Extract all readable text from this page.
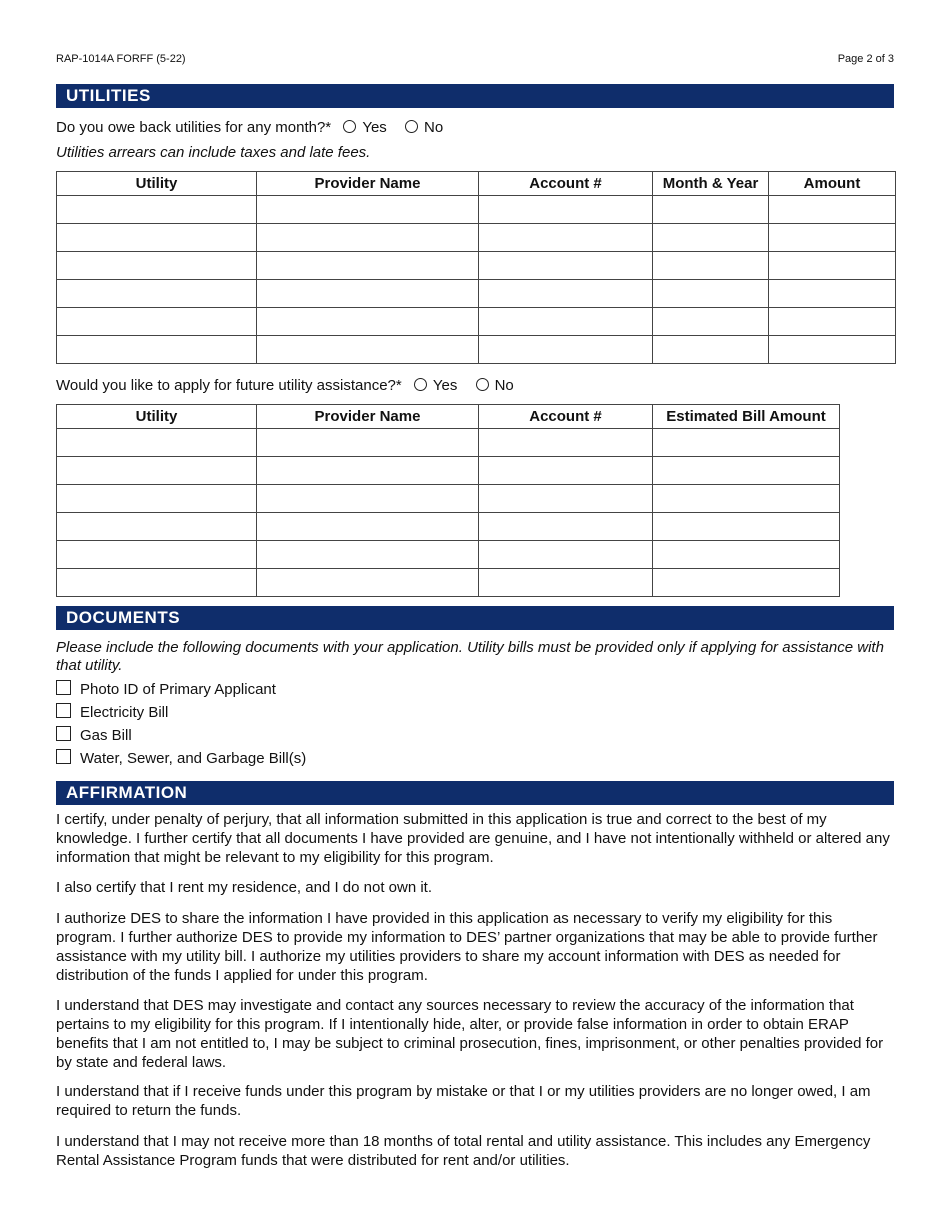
RAP-1014A FORFF (5-22)	Page 2 of 3
UTILITIES
Do you owe back utilities for any month?* Yes No
Utilities arrears can include taxes and late fees.
Utility	Provider Name	Account #	Month & Year	Amount

Would you like to apply for future utility assistance?* Yes No
Utility	Provider Name	Account #	Estimated Bill Amount

DOCUMENTS

Please include the following documents with your application. Utility bills must be provided only if applying for assistance with that utility.

Photo ID of Primary Applicant
Electricity Bill
Gas Bill
Water, Sewer, and Garbage Bill(s)
AFFIRMATION

I certify, under penalty of perjury, that all information submitted in this application is true and correct to the best of my knowledge. I further certify that all documents I have provided are genuine, and I have not intentionally withheld or altered any information that might be relevant to my eligibility for this program.

I also certify that I rent my residence, and I do not own it.

I authorize DES to share the information I have provided in this application as necessary to verify my eligibility for this program. I further authorize DES to provide my information to DES’ partner organizations that may be able to provide further assistance with my utility bill. I authorize my utilities providers to share my account information with DES as needed for distribution of the funds I applied for under this program.

I understand that DES may investigate and contact any sources necessary to review the accuracy of the information that pertains to my eligibility for this program. If I intentionally hide, alter, or provide false information in order to obtain ERAP benefits that I am not entitled to, I may be subject to criminal prosecution, fines, imprisonment, or other penalties provided for by state and federal laws.

I understand that if I receive funds under this program by mistake or that I or my utilities providers are no longer owed, I am required to return the funds.

I understand that I may not receive more than 18 months of total rental and utility assistance. This includes any Emergency Rental Assistance Program funds that were distributed for rent and/or utilities.
